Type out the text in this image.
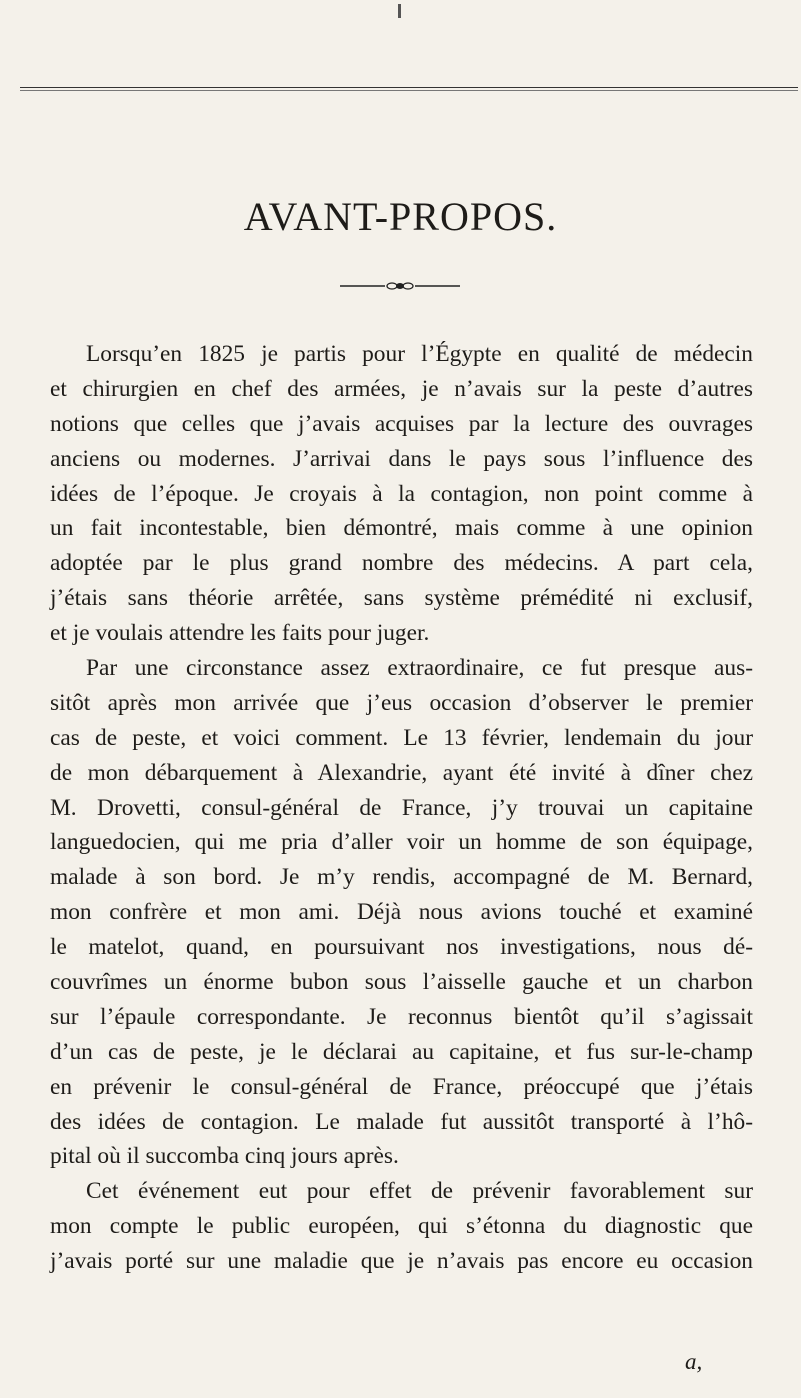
AVANT-PROPOS.
Lorsqu’en 1825 je partis pour l’Égypte en qualité de médecin
et chirurgien en chef des armées, je n’avais sur la peste d’autres
notions que celles que j’avais acquises par la lecture des ouvrages
anciens ou modernes. J’arrivai dans le pays sous l’influence des
idées de l’époque. Je croyais à la contagion, non point comme à
un fait incontestable, bien démontré, mais comme à une opinion
adoptée par le plus grand nombre des médecins. A part cela,
j’étais sans théorie arrêtée, sans système prémédité ni exclusif,
et je voulais attendre les faits pour juger.
Par une circonstance assez extraordinaire, ce fut presque aus-
sitôt après mon arrivée que j’eus occasion d’observer le premier
cas de peste, et voici comment. Le 13 février, lendemain du jour
de mon débarquement à Alexandrie, ayant été invité à dîner chez
M. Drovetti, consul-général de France, j’y trouvai un capitaine
languedocien, qui me pria d’aller voir un homme de son équipage,
malade à son bord. Je m’y rendis, accompagné de M. Bernard,
mon confrère et mon ami. Déjà nous avions touché et examiné
le matelot, quand, en poursuivant nos investigations, nous dé-
couvrîmes un énorme bubon sous l’aisselle gauche et un charbon
sur l’épaule correspondante. Je reconnus bientôt qu’il s’agissait
d’un cas de peste, je le déclarai au capitaine, et fus sur-le-champ
en prévenir le consul-général de France, préoccupé que j’étais
des idées de contagion. Le malade fut aussitôt transporté à l’hô-
pital où il succomba cinq jours après.
Cet événement eut pour effet de prévenir favorablement sur
mon compte le public européen, qui s’étonna du diagnostic que
j’avais porté sur une maladie que je n’avais pas encore eu occasion
a,
